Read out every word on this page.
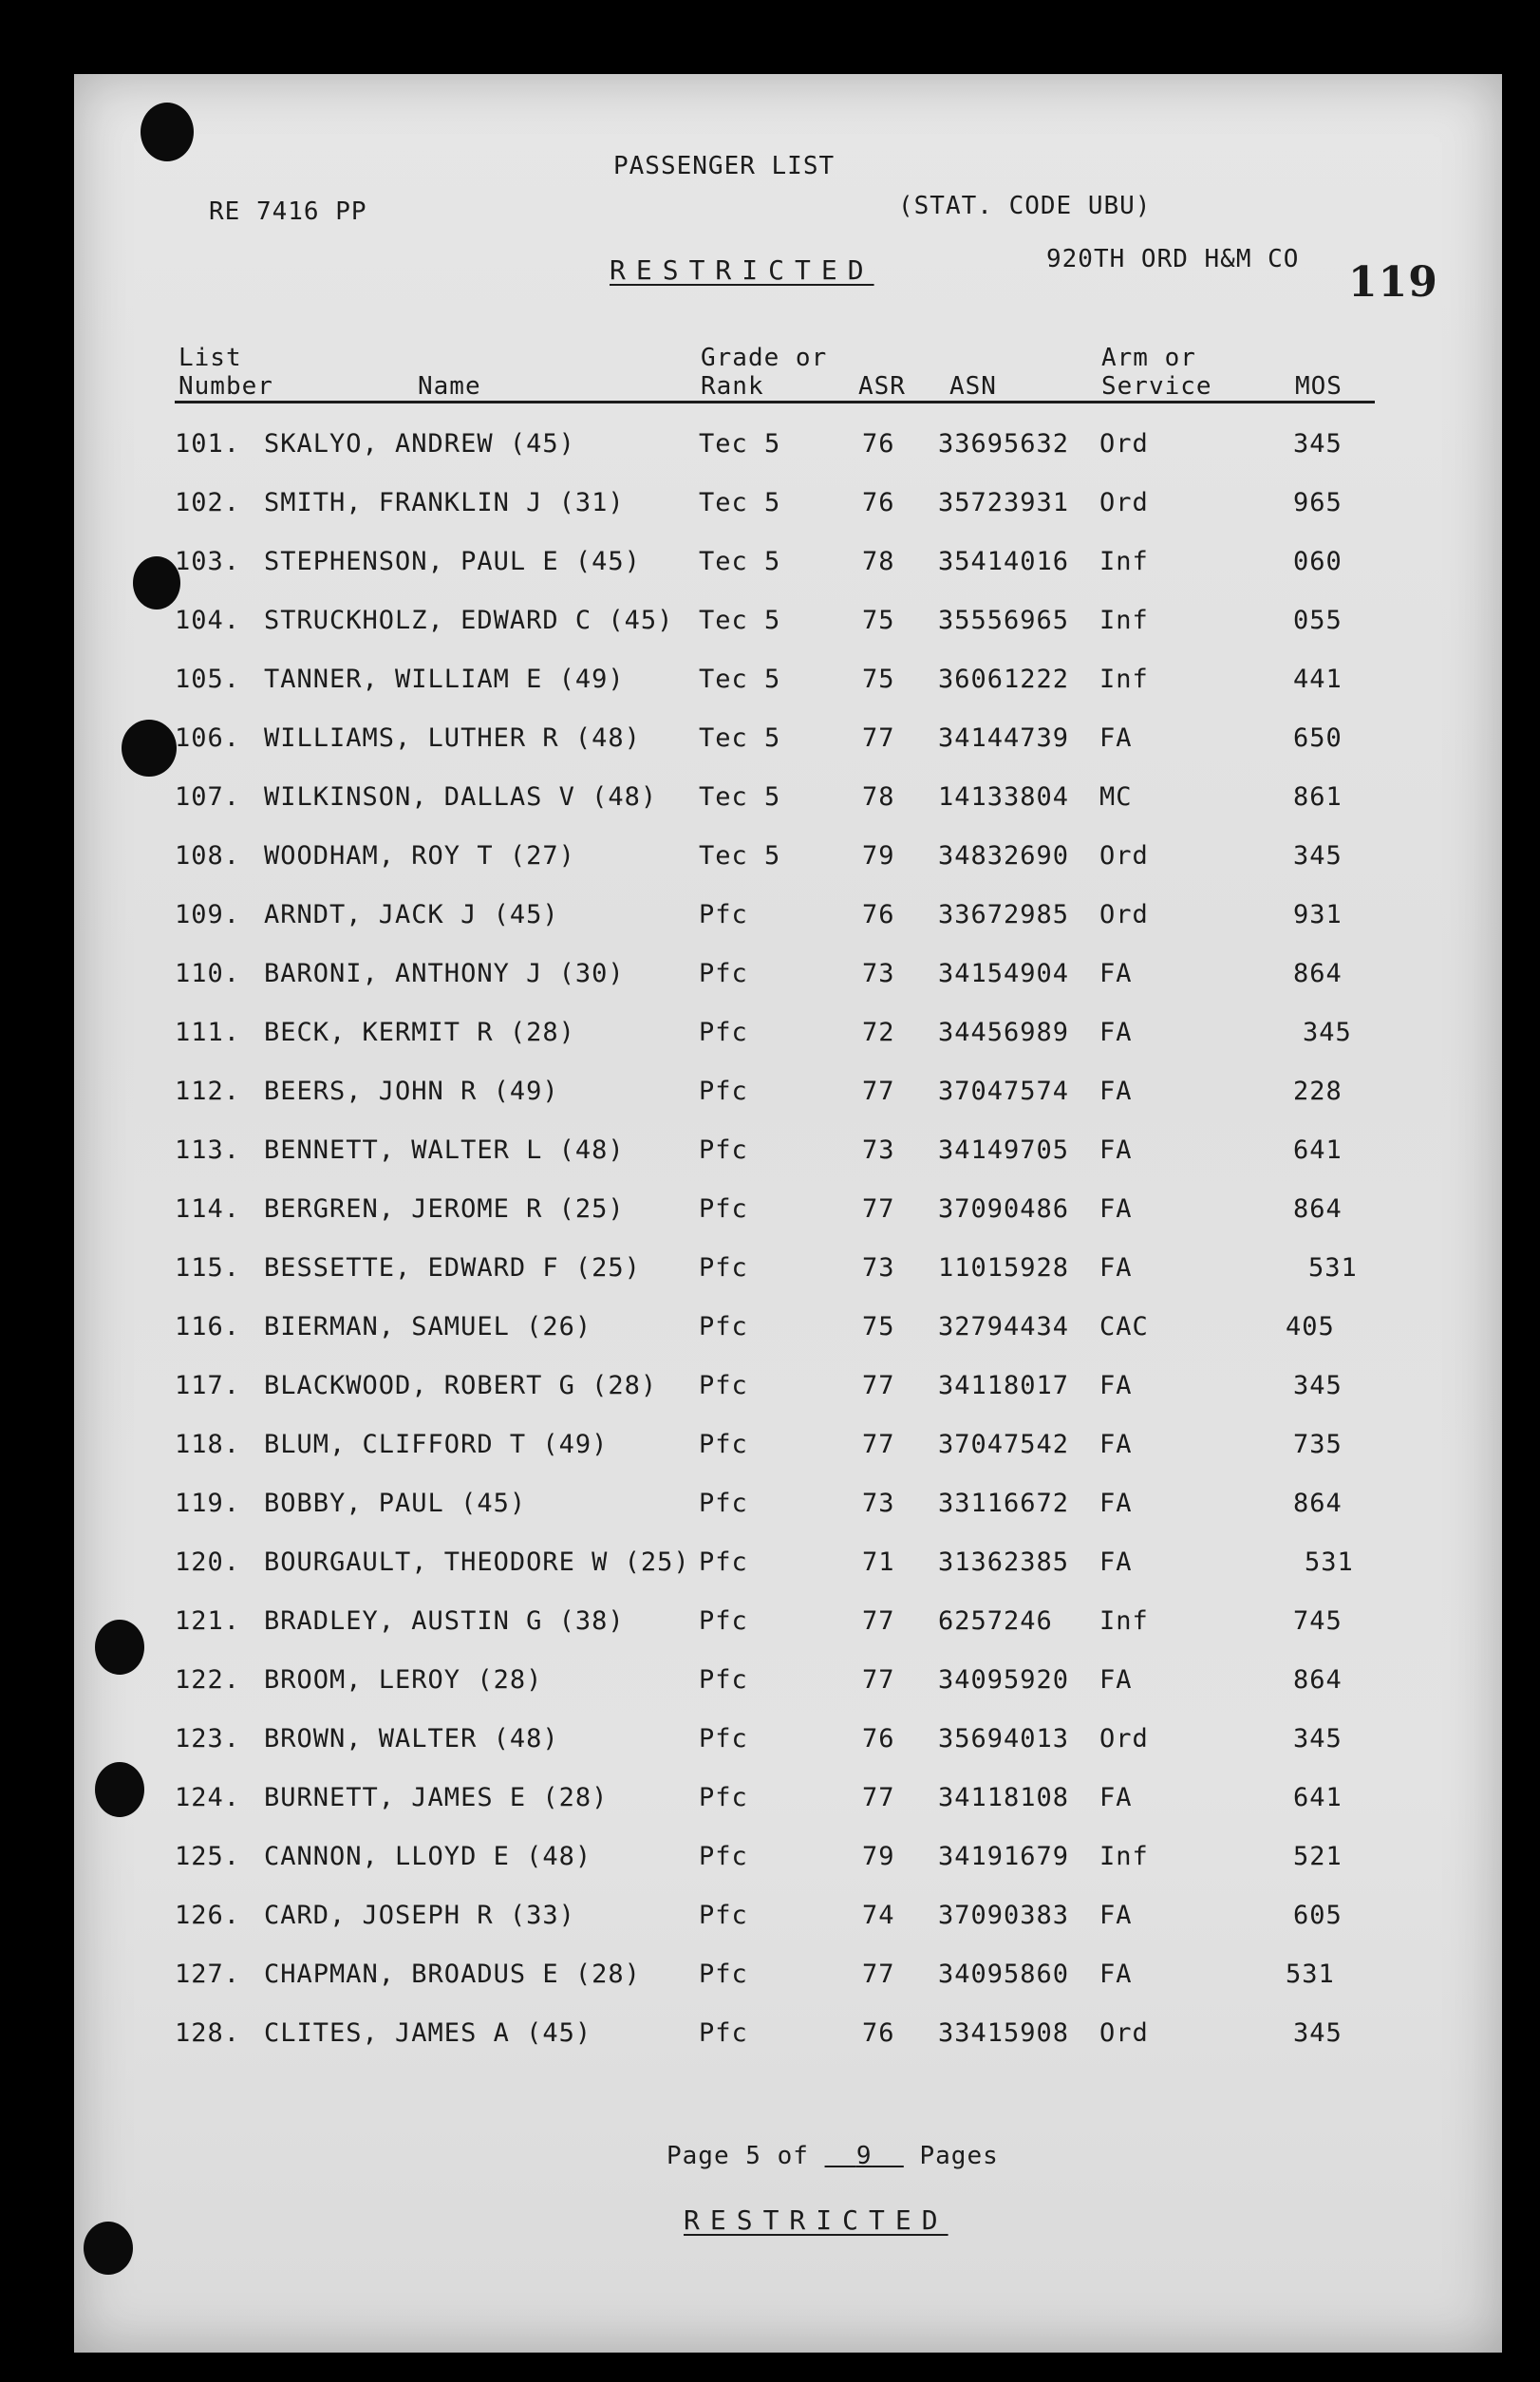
PASSENGER LIST
RE 7416 PP	(STAT. CODE UBU)
RESTRICTED	920TH ORD H&M CO 119
List
Number	Name
Grade or
Rank	ASR ASN
Arm or
Service	MOS
101. SKALYO, ANDREW (45)	Tec 5	76 33695632 Ord	345
102. SMITH, FRANKLIN J (31)	Tec 5	76 35723931 Ord	965
103. STEPHENSON, PAUL E (45) Tec 5	78 35414016 Inf	060
104. STRUCKHOLZ, EDWARD C (45) Tec 5	75 35556965 Inf	055
105. TANNER, WILLIAM E (49)	Tec 5	75 36061222 Inf	441
106. WILLIAMS, LUTHER R (48) Tec 5	77 34144739 FA	650
107. WILKINSON, DALLAS V (48) Tec 5	78 14133804 MC	861
108. WOODHAM, ROY T (27)	Tec 5	79 34832690 Ord	345
109. ARNDT, JACK J (45)	Pfc	76 33672985 Ord	931
110. BARONI, ANTHONY J (30)	Pfc	73 34154904 FA	864
111. BECK, KERMIT R (28)	Pfc	72 34456989 FA	345
112. BEERS, JOHN R (49)	Pfc	77 37047574 FA	228
113. BENNETT, WALTER L (48)	Pfc	73 34149705 FA	641
114. BERGREN, JEROME R (25)	Pfc	77 37090486 FA	864
115. BESSETTE, EDWARD F (25) Pfc	73 11015928 FA	531
116. BIERMAN, SAMUEL (26)	Pfc	75 32794434 CAC	405
117. BLACKWOOD, ROBERT G (28) Pfc	77 34118017 FA	345
118. BLUM, CLIFFORD T (49)	Pfc	77 37047542 FA	735
119. BOBBY, PAUL (45)	Pfc	73 33116672 FA	864
120. BOURGAULT, THEODORE W (25) Pfc	71 31362385 FA	531
121. BRADLEY, AUSTIN G (38)	Pfc	77 6257246 Inf	745
122. BROOM, LEROY (28)	Pfc	77 34095920 FA	864
123. BROWN, WALTER (48)	Pfc	76 35694013 Ord	345
124. BURNETT, JAMES E (28)	Pfc	77 34118108 FA	641
125. CANNON, LLOYD E (48)	Pfc	79 34191679 Inf	521
126. CARD, JOSEPH R (33)	Pfc	74 37090383 FA	605
127. CHAPMAN, BROADUS E (28) Pfc	77 34095860 FA	531
128. CLITES, JAMES A (45)	Pfc	76 33415908 Ord	345
Page 5 of 9 Pages
RESTRICTED
